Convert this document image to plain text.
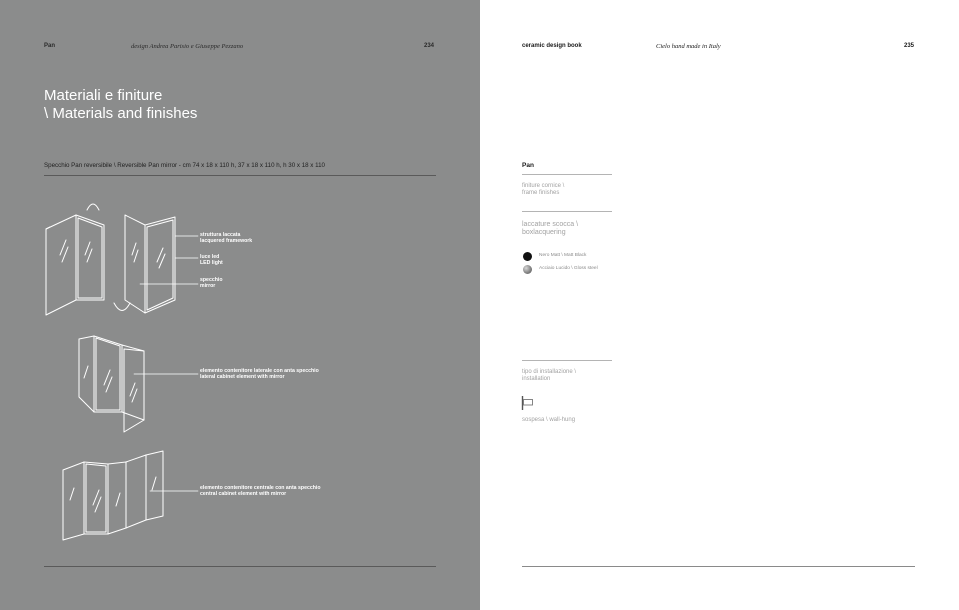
Pan	design Andrea Parisio e Giuseppe Pezzano	234
Materiali e finiture
\ Materials and finishes
Specchio Pan reversibile \ Reversible Pan mirror - cm 74 x 18 x 110 h, 37 x 18 x 110 h, h 30 x 18 x 110
struttura laccata
lacquered framework
luce led
LED light
specchio
mirror
elemento contenitore laterale con anta specchio
lateral cabinet element with mirror
elemento contenitore centrale con anta specchio
central cabinet element with mirror
ceramic design book	Cielo hand made in Italy	235
Pan
finiture cornice \
frame finishes
laccature scocca \
boxlacquering
Nero Matt \ Matt Black
Acciaio Lucido \ Gloss steel
tipo di installazione \
installation
sospesa \ wall-hung
